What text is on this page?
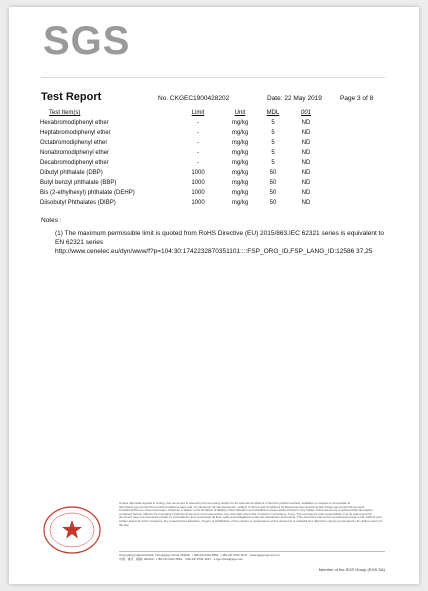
SGS
Test Report	No. CKGEC1900428202	Date: 22 May 2019	Page 3 of 8
Test Item(s)	Limit	Unit	MDL	001
Hexabromodiphenyl ether	-	mg/kg	5	ND
Heptabromodiphenyl ether	-	mg/kg	5	ND
Octabromodiphenyl ether	-	mg/kg	5	ND
Nonabromodiphenyl ether	-	mg/kg	5	ND
Decabromodiphenyl ether	-	mg/kg	5	ND
Dibutyl phthalate (DBP)	1000	mg/kg	50	ND
Butyl benzyl phthalate (BBP)	1000	mg/kg	50	ND
Bis (2-ethylhexyl) phthalate (DEHP)	1000	mg/kg	50	ND
Diisobutyl Phthalates (DIBP)	1000	mg/kg	50	ND
Notes :
(1) The maximum permissible limit is quoted from RoHS Directive (EU) 2015/863.IEC 62321 series is equivalent to EN 62321 series
http://www.cenelec.eu/dyn/www/f?p=104:30:1742232870351101::::FSP_ORG_ID,FSP_LANG_ID:12586 37,25
Unless otherwise agreed in writing, this document is issued by the Company subject to its General Conditions of Service printed overleaf, available on request or accessible at http://www.sgs.com/en/Terms-and-Conditions.aspx and, for electronic format documents, subject to Terms and Conditions for Electronic Documents at http://www.sgs.com/en/Terms-and-Conditions/Terms-e-Document.aspx. Attention is drawn to the limitation of liability, indemnification and jurisdiction issues defined therein. Any holder of this document is advised that information contained hereon reflects the Company's findings at the time of its intervention only and within the limits of Client's instructions, if any. The Company's sole responsibility is to its Client and this document does not exonerate parties to a transaction from exercising all their rights and obligations under the transaction documents. This document cannot be reproduced except in full, without prior written approval of the Company. Any unauthorized alteration, forgery or falsification of the content or appearance of this document is unlawful and offenders may be prosecuted to the fullest extent of the law.
Chongqing Industrial Park, Chongqing, China 401120   t (86-23) 6311 0862   f (86-23) 6791 3247   www.sgsgroup.com.cn
中国 · 重庆   邮编: 401120   t (86-23) 6311 0862   f (86-23) 6791 3247   e sgs.china@sgs.com
Member of the SGS Group (SGS SA)
